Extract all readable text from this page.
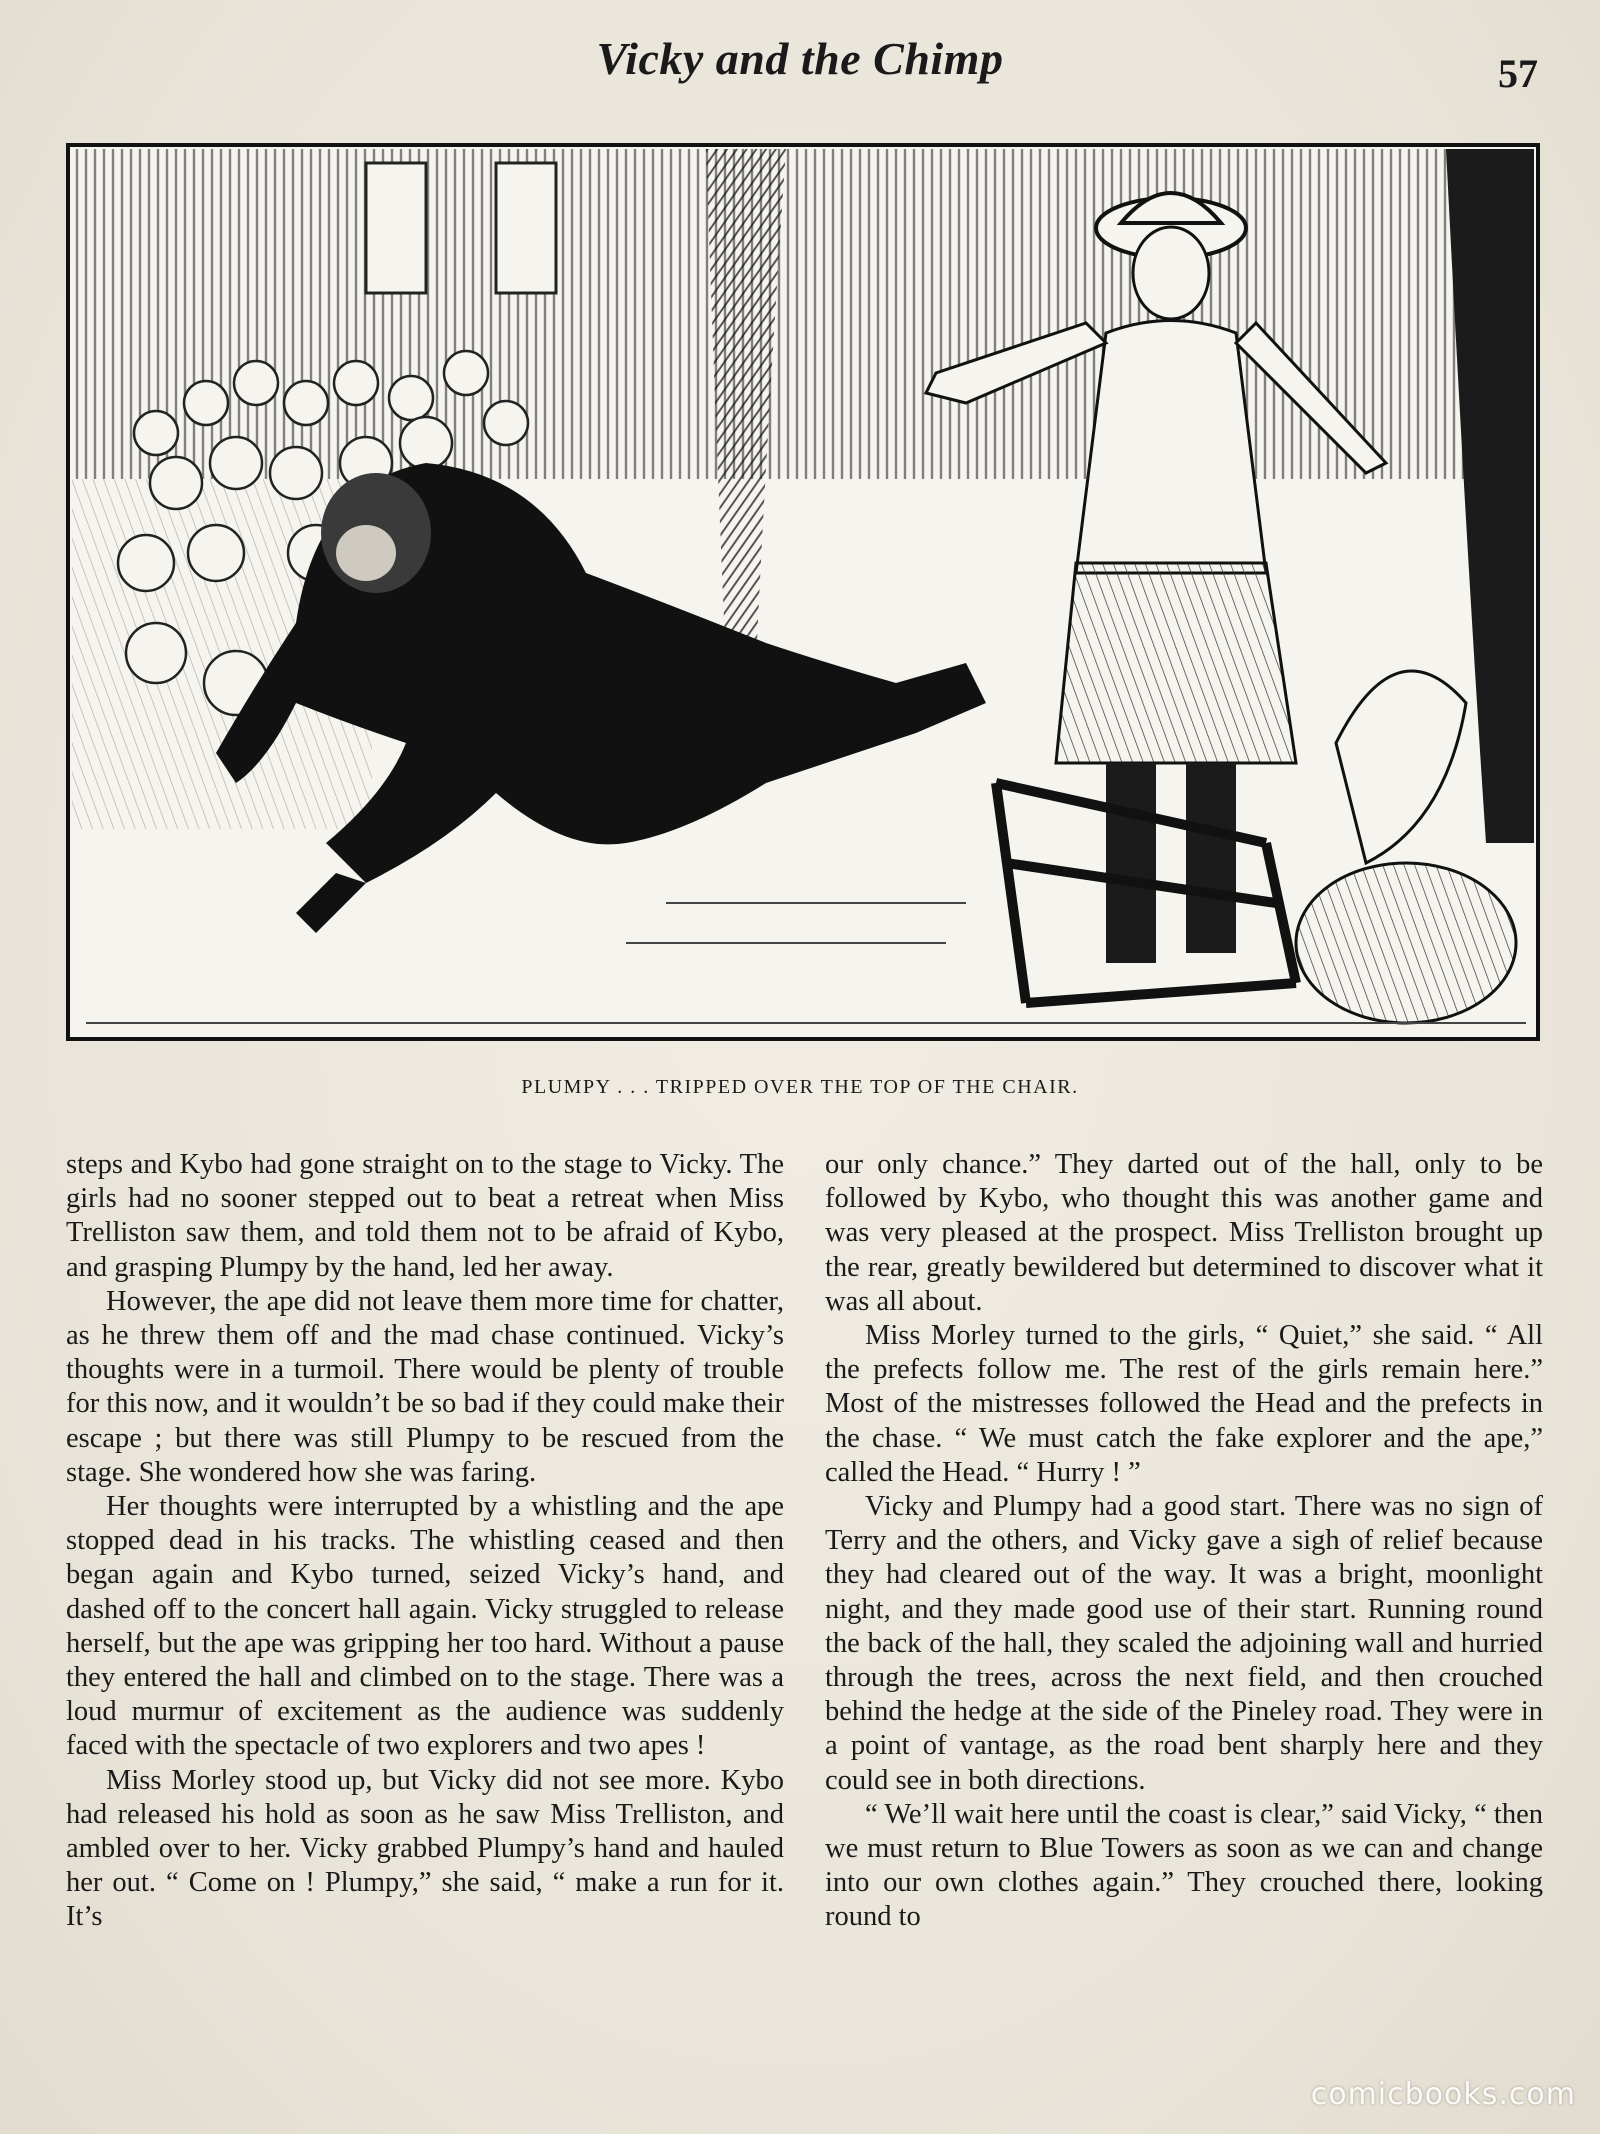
Vicky and the Chimp	57
PLUMPY . . . TRIPPED OVER THE TOP OF THE CHAIR.

steps and Kybo had gone straight on to the stage to Vicky. The girls had no sooner stepped out to beat a retreat when Miss Trelliston saw them, and told them not to be afraid of Kybo, and grasping Plumpy by the hand, led her away.

However, the ape did not leave them more time for chatter, as he threw them off and the mad chase continued. Vicky’s thoughts were in a turmoil. There would be plenty of trouble for this now, and it wouldn’t be so bad if they could make their escape ; but there was still Plumpy to be rescued from the stage. She wondered how she was faring.

Her thoughts were interrupted by a whistling and the ape stopped dead in his tracks. The whistling ceased and then began again and Kybo turned, seized Vicky’s hand, and dashed off to the concert hall again. Vicky struggled to release herself, but the ape was gripping her too hard. Without a pause they entered the hall and climbed on to the stage. There was a loud murmur of excitement as the audience was suddenly faced with the spectacle of two explorers and two apes !

Miss Morley stood up, but Vicky did not see more. Kybo had released his hold as soon as he saw Miss Trelliston, and ambled over to her. Vicky grabbed Plumpy’s hand and hauled her out. “ Come on ! Plumpy,” she said, “ make a run for it. It’s

our only chance.” They darted out of the hall, only to be followed by Kybo, who thought this was another game and was very pleased at the prospect. Miss Trelliston brought up the rear, greatly bewildered but determined to discover what it was all about.

Miss Morley turned to the girls, “ Quiet,” she said. “ All the prefects follow me. The rest of the girls remain here.” Most of the mistresses followed the Head and the prefects in the chase. “ We must catch the fake explorer and the ape,” called the Head. “ Hurry ! ”

Vicky and Plumpy had a good start. There was no sign of Terry and the others, and Vicky gave a sigh of relief because they had cleared out of the way. It was a bright, moonlight night, and they made good use of their start. Running round the back of the hall, they scaled the adjoining wall and hurried through the trees, across the next field, and then crouched behind the hedge at the side of the Pineley road. They were in a point of vantage, as the road bent sharply here and they could see in both directions.

“ We’ll wait here until the coast is clear,” said Vicky, “ then we must return to Blue Towers as soon as we can and change into our own clothes again.” They crouched there, looking round to

comicbooks.com
